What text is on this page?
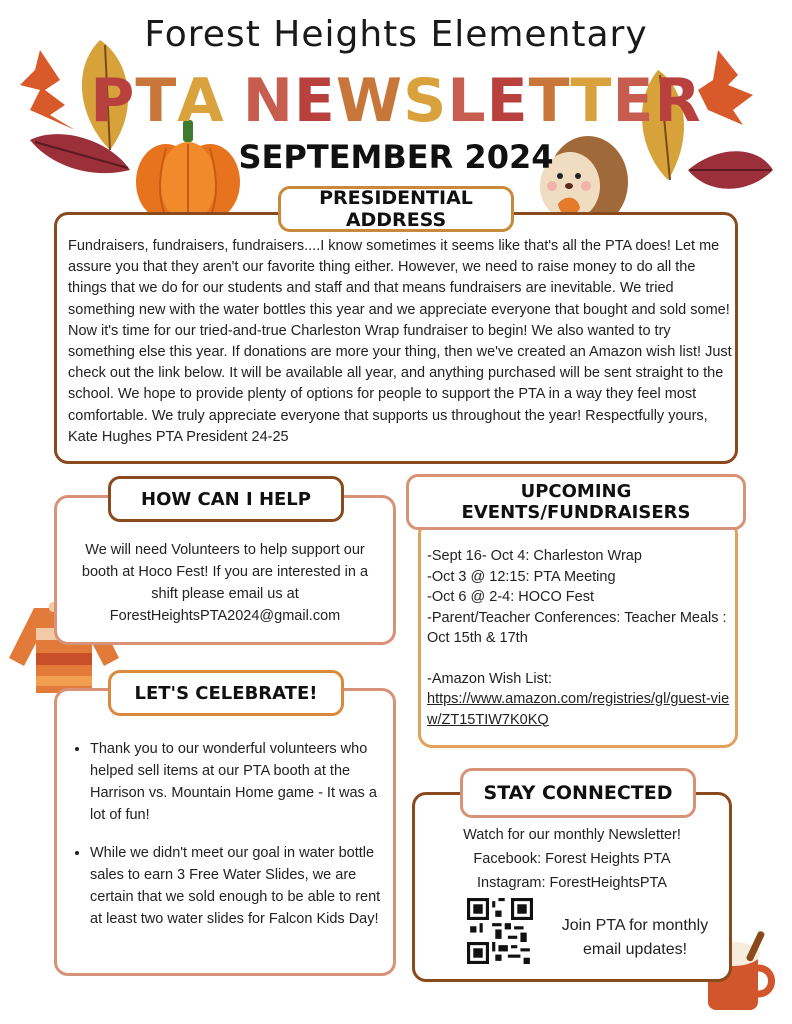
Forest Heights Elementary
PTA NEWSLETTER
SEPTEMBER 2024
PRESIDENTIAL ADDRESS
Fundraisers, fundraisers, fundraisers....I know sometimes it seems like that's all the PTA does! Let me assure you that they aren't our favorite thing either. However, we need to raise money to do all the things that we do for our students and staff and that means fundraisers are inevitable. We tried something new with the water bottles this year and we appreciate everyone that bought and sold some! Now it's time for our tried-and-true Charleston Wrap fundraiser to begin! We also wanted to try something else this year. If donations are more your thing, then we've created an Amazon wish list! Just check out the link below. It will be available all year, and anything purchased will be sent straight to the school. We hope to provide plenty of options for people to support the PTA in a way they feel most comfortable. We truly appreciate everyone that supports us throughout the year! Respectfully yours, Kate Hughes PTA President 24-25
HOW CAN I HELP
We will need Volunteers to help support our booth at Hoco Fest! If you are interested in a shift please email us at ForestHeightsPTA2024@gmail.com
LET'S CELEBRATE!
• Thank you to our wonderful volunteers who helped sell items at our PTA booth at the Harrison vs. Mountain Home game - It was a lot of fun!
• While we didn't meet our goal in water bottle sales to earn 3 Free Water Slides, we are certain that we sold enough to be able to rent at least two water slides for Falcon Kids Day!
UPCOMING EVENTS/FUNDRAISERS
-Sept 16- Oct 4: Charleston Wrap
-Oct 3 @ 12:15: PTA Meeting
-Oct 6 @ 2-4: HOCO Fest
-Parent/Teacher Conferences: Teacher Meals : Oct 15th & 17th
-Amazon Wish List:
https://www.amazon.com/registries/gl/guest-view/ZT15TIW7K0KQ
STAY CONNECTED
Watch for our monthly Newsletter!
Facebook: Forest Heights PTA
Instagram: ForestHeightsPTA
Join PTA for monthly email updates!
